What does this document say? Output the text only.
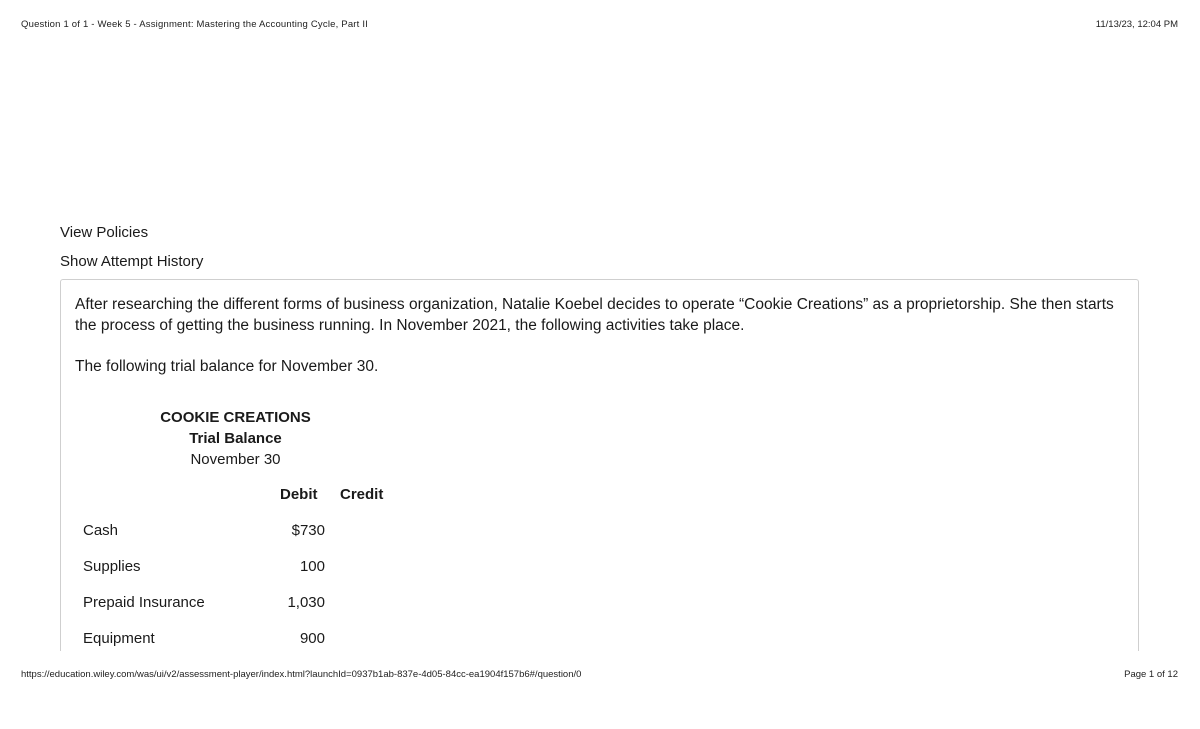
Question 1 of 1 - Week 5 - Assignment: Mastering the Accounting Cycle, Part II	11/13/23, 12:04 PM
View Policies
Show Attempt History
After researching the different forms of business organization, Natalie Koebel decides to operate “Cookie Creations” as a proprietorship. She then starts the process of getting the business running. In November 2021, the following activities take place.
The following trial balance for November 30.
COOKIE CREATIONS
Trial Balance
November 30
Debit Credit
Cash	$730
Supplies	100
Prepaid Insurance	1,030
Equipment	900
https://education.wiley.com/was/ui/v2/assessment-player/index.html?launchId=0937b1ab-837e-4d05-84cc-ea1904f157b6#/question/0	Page 1 of 12
